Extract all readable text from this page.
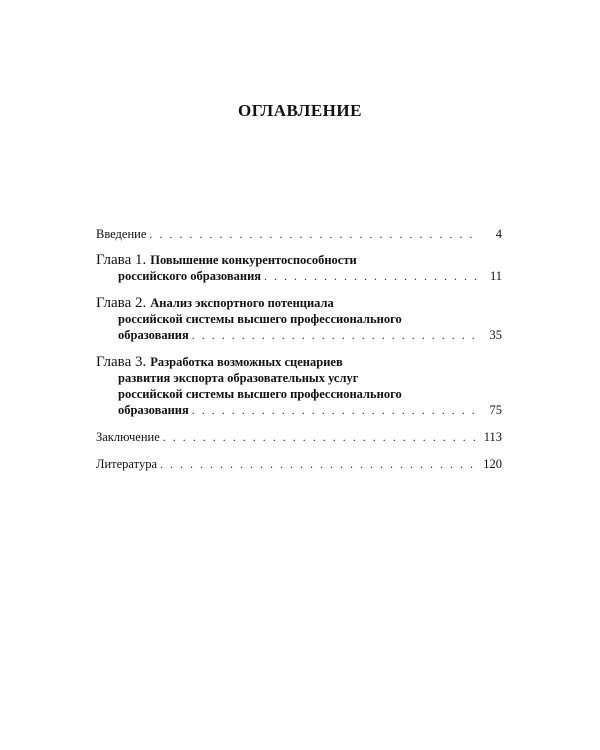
ОГЛАВЛЕНИЕ
Введение . . .	4
Глава 1. Повышение конкурентоспособности
российского образования . . .	11
Глава 2. Анализ экспортного потенциала
российской системы высшего профессионального
образования . . .	35
Глава 3. Разработка возможных сценариев
развития экспорта образовательных услуг
российской системы высшего профессионального
образования . . .	75
Заключение . . .	113
Литература . . .	120
